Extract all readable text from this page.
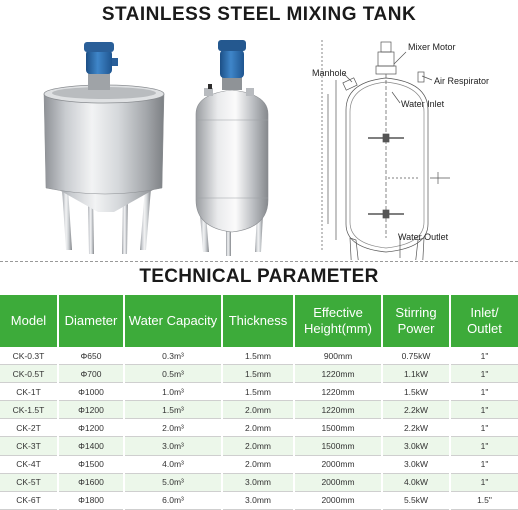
STAINLESS STEEL MIXING TANK
Mixer Motor
Manhole
Air Respirator
Water Inlet
Water Outlet
TECHNICAL PARAMETER
Model	Diameter	Water Capacity	Thickness	Effective Height(mm)	Stirring Power	Inlet/ Outlet
CK-0.3T	Φ650	0.3m³	1.5mm	900mm	0.75kW	1"
CK-0.5T	Φ700	0.5m³	1.5mm	1220mm	1.1kW	1"
CK-1T	Φ1000	1.0m³	1.5mm	1220mm	1.5kW	1"
CK-1.5T	Φ1200	1.5m³	2.0mm	1220mm	2.2kW	1"
CK-2T	Φ1200	2.0m³	2.0mm	1500mm	2.2kW	1"
CK-3T	Φ1400	3.0m³	2.0mm	1500mm	3.0kW	1"
CK-4T	Φ1500	4.0m³	2.0mm	2000mm	3.0kW	1"
CK-5T	Φ1600	5.0m³	3.0mm	2000mm	4.0kW	1"
CK-6T	Φ1800	6.0m³	3.0mm	2000mm	5.5kW	1.5"
